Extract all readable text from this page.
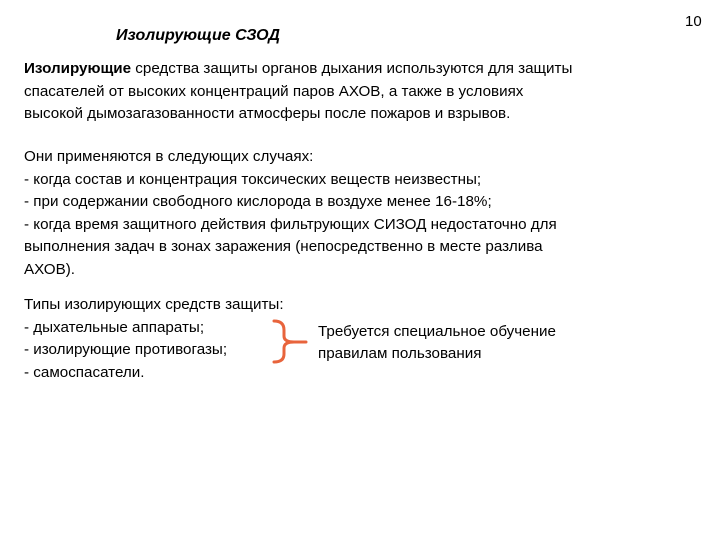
Изолирующие СЗОД
10
Изолирующие средства защиты органов дыхания используются для защиты
спасателей от высоких концентраций паров АХОВ, а также в условиях
высокой дымозагазованности атмосферы после пожаров и взрывов.
Они применяются в следующих случаях:
- когда состав и концентрация токсических веществ неизвестны;
- при содержании свободного кислорода в воздухе менее 16-18%;
- когда время защитного действия фильтрующих СИЗОД недостаточно для
выполнения задач в зонах заражения (непосредственно в месте разлива
АХОВ).
Типы изолирующих средств защиты:
- дыхательные аппараты;
- изолирующие противогазы;
- самоспасатели.
Требуется специальное обучение
правилам пользования
